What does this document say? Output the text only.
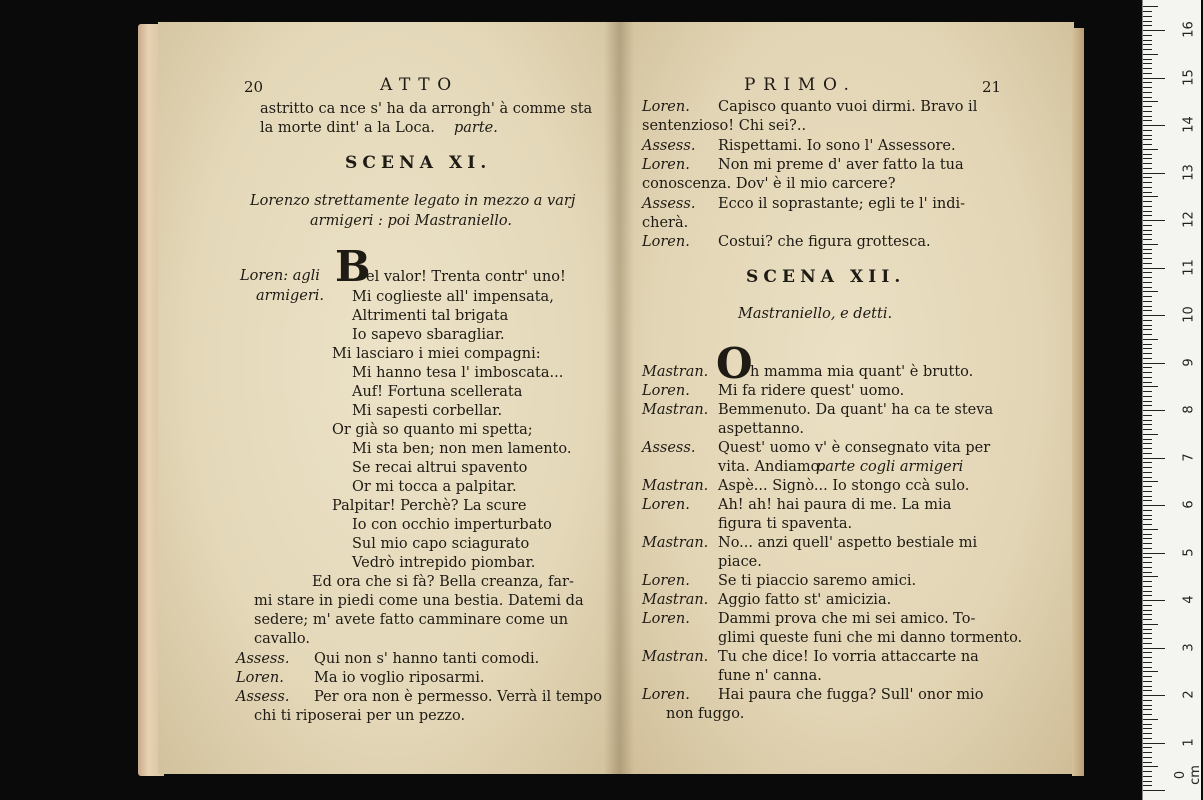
20	ATTO
astritto ca nce s' ha da arrongh' à comme sta
la morte dint' a la Loca. parte.
SCENA XI.
Lorenzo strettamente legato in mezzo a varj
armigeri : poi Mastraniello.
Loren: agli
armigeri.
B
el valor! Trenta contr' uno!
Mi coglieste all' impensata,
Altrimenti tal brigata
Io sapevo sbaragliar.
Mi lasciaro i miei compagni:
Mi hanno tesa l' imboscata...
Auf! Fortuna scellerata
Mi sapesti corbellar.
Or già so quanto mi spetta;
Mi sta ben; non men lamento.
Se recai altrui spavento
Or mi tocca a palpitar.
Palpitar! Perchè? La scure
Io con occhio imperturbato
Sul mio capo sciagurato
Vedrò intrepido piombar.
Ed ora che si fà? Bella creanza, far-
mi stare in piedi come una bestia. Datemi da
sedere; m' avete fatto camminare come un
cavallo.
Assess. Qui non s' hanno tanti comodi.
Loren. Ma io voglio riposarmi.
Assess. Per ora non è permesso. Verrà il tempo
chi ti riposerai per un pezzo.
PRIMO.	21
Loren. Capisco quanto vuoi dirmi. Bravo il
sentenzioso! Chi sei?..
Assess. Rispettami. Io sono l' Assessore.
Loren. Non mi preme d' aver fatto la tua
conoscenza. Dov' è il mio carcere?
Assess. Ecco il soprastante; egli te l' indi-
cherà.
Loren. Costui? che figura grottesca.
SCENA XII.
Mastraniello, e detti.
O
Mastran.	h mamma mia quant' è brutto.
Loren. Mi fa ridere quest' uomo.
Mastran. Bemmenuto. Da quant' ha ca te steva
aspettanno.
Assess. Quest' uomo v' è consegnato vita per
vita. Andiamo.
parte cogli armigeri
Mastran. Aspè... Signò... Io stongo ccà sulo.
Loren. Ah! ah! hai paura di me. La mia
figura ti spaventa.
Mastran. No... anzi quell' aspetto bestiale mi
piace.
Loren. Se ti piaccio saremo amici.
Mastran. Aggio fatto st' amicizia.
Loren. Dammi prova che mi sei amico. To-
glimi queste funi che mi danno tormento.
Mastran. Tu che dice! Io vorria attaccarte na
fune n' canna.
Loren. Hai paura che fugga? Sull' onor mio
non fuggo.
0 cm
1
2
3
4
5
6
7
8
9
10
11
12
13
14
15
16
